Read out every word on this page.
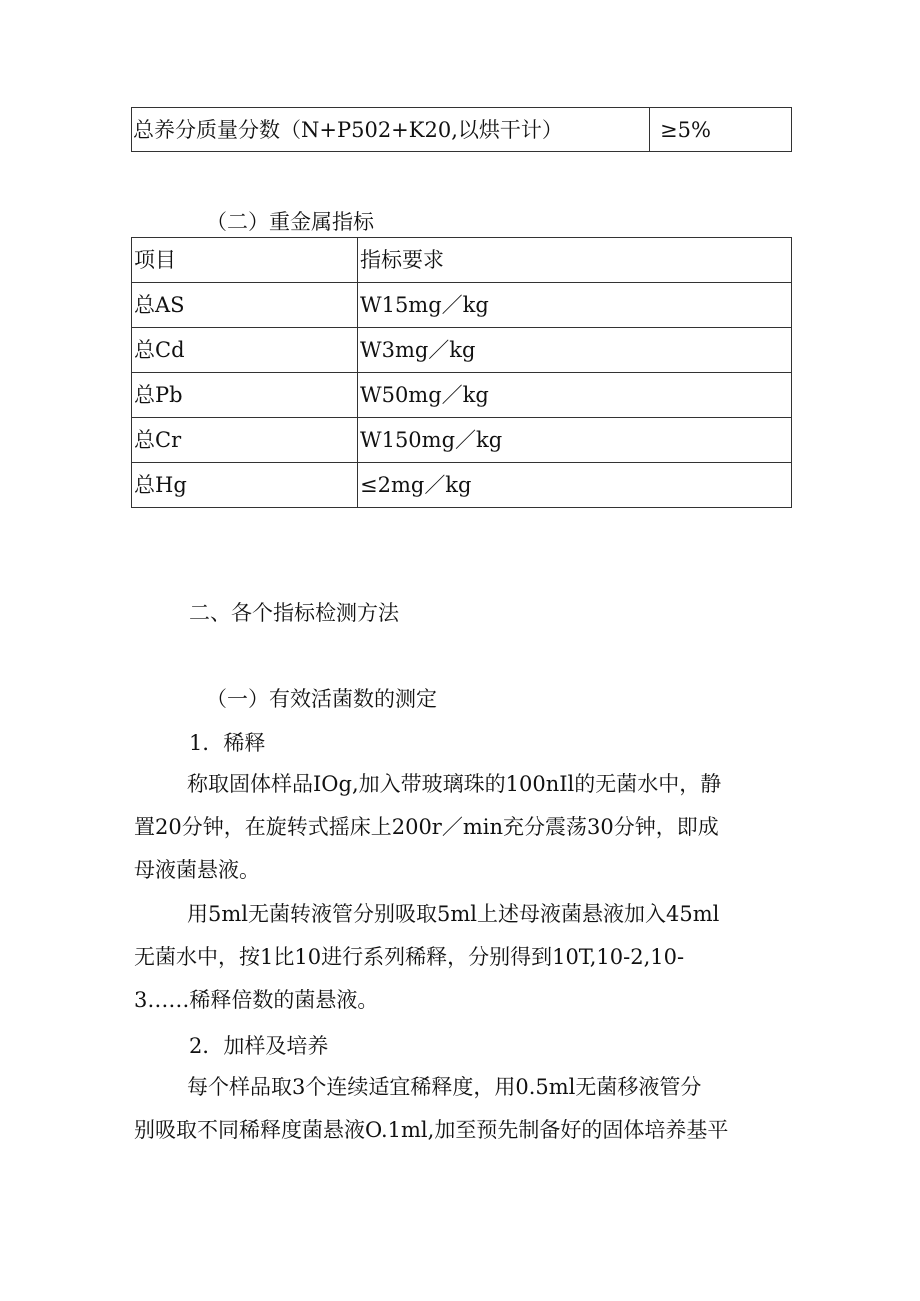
总养分质量分数（N+P502+K20,以烘干计）	≥5%
（二）重金属指标
项目	指标要求
总AS	W15mg／kg
总Cd	W3mg／kg
总Pb	W50mg／kg
总Cr	W150mg／kg
总Hg	≤2mg／kg
二、各个指标检测方法
（一）有效活菌数的测定
1．稀释
称取固体样品IOg,加入带玻璃珠的100nIl的无菌水中，静
置20分钟，在旋转式摇床上200r／min充分震荡30分钟，即成
母液菌悬液。
用5ml无菌转液管分别吸取5ml上述母液菌悬液加入45ml
无菌水中，按1比10进行系列稀释，分别得到10T,10-2,10-
3……稀释倍数的菌悬液。
2．加样及培养
每个样品取3个连续适宜稀释度，用0.5ml无菌移液管分
别吸取不同稀释度菌悬液O.1ml,加至预先制备好的固体培养基平
